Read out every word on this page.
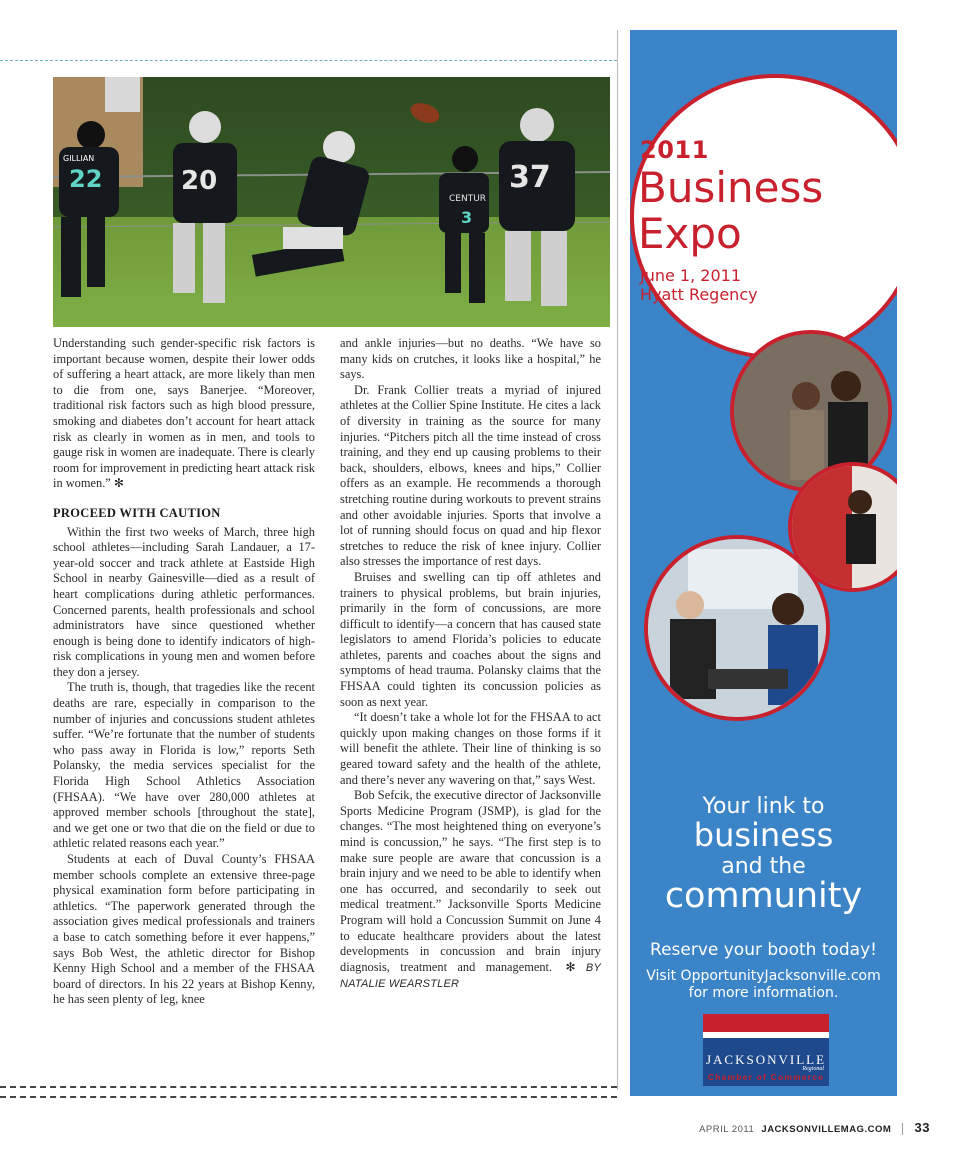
22
GILLIAN
20
CENTUR
3
37

Understanding such gender-specific risk factors is important because women, despite their lower odds of suffering a heart attack, are more likely than men to die from one, says Banerjee. “Moreover, traditional risk factors such as high blood pressure, smoking and diabetes don’t account for heart attack risk as clearly in women as in men, and tools to gauge risk in women are inadequate. There is clearly room for improvement in predicting heart attack risk in women.” ✻

PROCEED WITH CAUTION

Within the first two weeks of March, three high school athletes—including Sarah Landauer, a 17-year-old soccer and track athlete at Eastside High School in nearby Gainesville—died as a result of heart complications during athletic performances. Concerned parents, health professionals and school administrators have since questioned whether enough is being done to identify indicators of high-risk complications in young men and women before they don a jersey.

The truth is, though, that tragedies like the recent deaths are rare, especially in comparison to the number of injuries and concussions student athletes suffer. “We’re fortunate that the number of students who pass away in Florida is low,” reports Seth Polansky, the media services specialist for the Florida High School Athletics Association (FHSAA). “We have over 280,000 athletes at approved member schools [throughout the state], and we get one or two that die on the field or due to athletic related reasons each year.”

Students at each of Duval County’s FHSAA member schools complete an extensive three-page physical examination form before participating in athletics. “The paperwork generated through the association gives medical professionals and trainers a base to catch something before it ever happens,” says Bob West, the athletic director for Bishop Kenny High School and a member of the FHSAA board of directors. In his 22 years at Bishop Kenny, he has seen plenty of leg, knee

and ankle injuries—but no deaths. “We have so many kids on crutches, it looks like a hospital,” he says.

Dr. Frank Collier treats a myriad of injured athletes at the Collier Spine Institute. He cites a lack of diversity in training as the source for many injuries. “Pitchers pitch all the time instead of cross training, and they end up causing problems to their back, shoulders, elbows, knees and hips,” Collier offers as an example. He recommends a thorough stretching routine during workouts to prevent strains and other avoidable injuries. Sports that involve a lot of running should focus on quad and hip flexor stretches to reduce the risk of knee injury. Collier also stresses the importance of rest days.

Bruises and swelling can tip off athletes and trainers to physical problems, but brain injuries, primarily in the form of concussions, are more difficult to identify—a concern that has caused state legislators to amend Florida’s policies to educate athletes, parents and coaches about the signs and symptoms of head trauma. Polansky claims that the FHSAA could tighten its concussion policies as soon as next year.

“It doesn’t take a whole lot for the FHSAA to act quickly upon making changes on those forms if it will benefit the athlete. Their line of thinking is so geared toward safety and the health of the athlete, and there’s never any wavering on that,” says West.

Bob Sefcik, the executive director of Jacksonville Sports Medicine Program (JSMP), is glad for the changes. “The most heightened thing on everyone’s mind is concussion,” he says. “The first step is to make sure people are aware that concussion is a brain injury and we need to be able to identify when one has occurred, and secondarily to seek out medical treatment.” Jacksonville Sports Medicine Program will hold a Concussion Summit on June 4 to educate healthcare providers about the latest developments in concussion and brain injury diagnosis, treatment and management. ✻ BY NATALIE WEARSTLER

2011
Business
Expo
June 1, 2011
Hyatt Regency
Your link to
business
and the
community
Reserve your booth today!
Visit OpportunityJacksonville.com
for more information.
JACKSONVILLE
Regional
Chamber of Commerce
APRIL 2011 JACKSONVILLEMAG.COM 33
